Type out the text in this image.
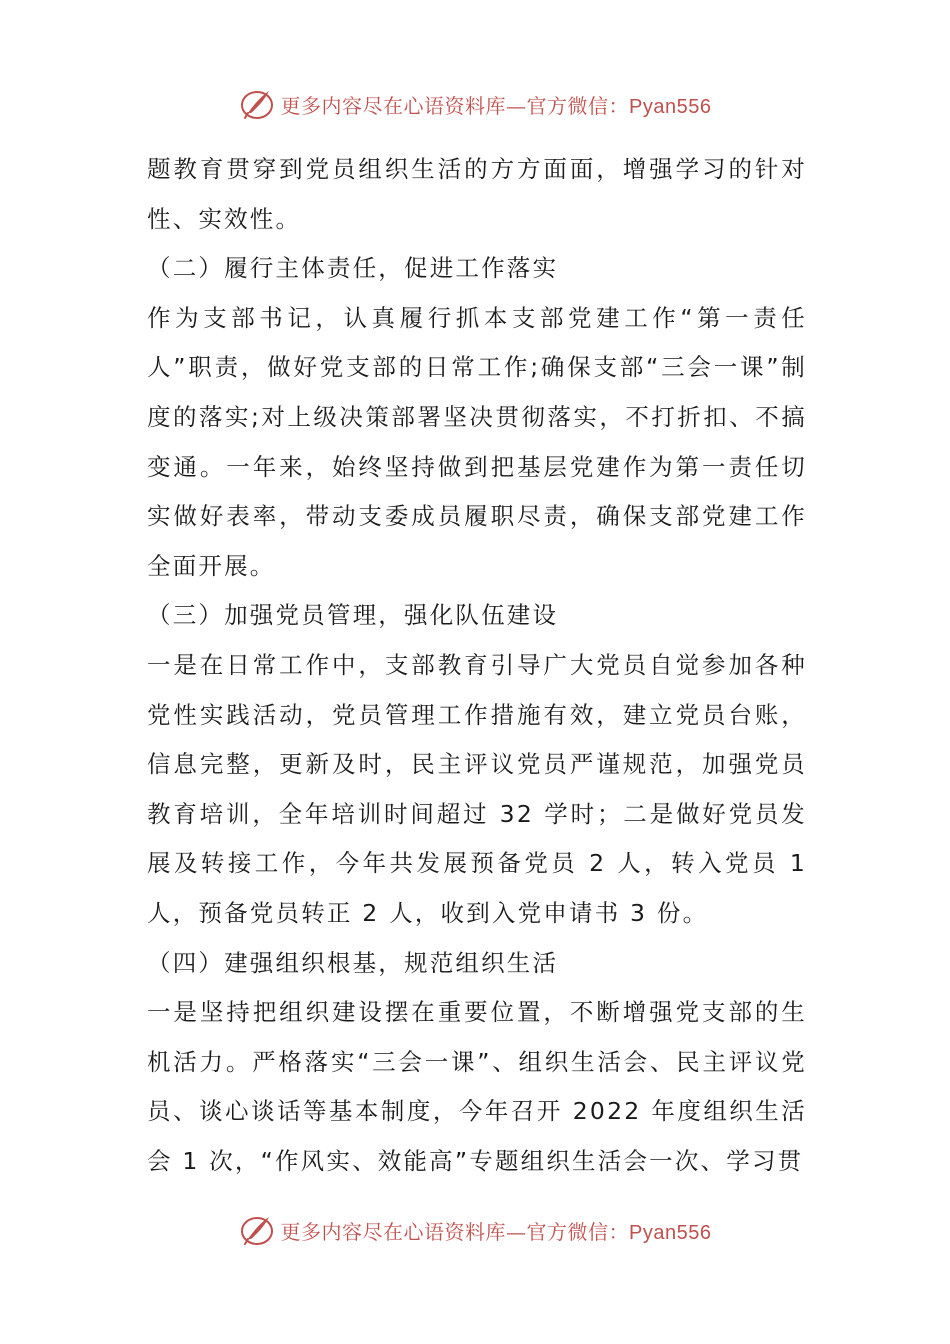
更多内容尽在心语资料库—官方微信：Pyan556

题教育贯穿到党员组织生活的方方面面，增强学习的针对性、实效性。

（二）履行主体责任，促进工作落实

作为支部书记，认真履行抓本支部党建工作“第一责任人”职责，做好党支部的日常工作;确保支部“三会一课”制度的落实;对上级决策部署坚决贯彻落实，不打折扣、不搞变通。一年来，始终坚持做到把基层党建作为第一责任切实做好表率，带动支委成员履职尽责，确保支部党建工作全面开展。

（三）加强党员管理，强化队伍建设

一是在日常工作中，支部教育引导广大党员自觉参加各种党性实践活动，党员管理工作措施有效，建立党员台账，信息完整，更新及时，民主评议党员严谨规范，加强党员教育培训，全年培训时间超过 32 学时；二是做好党员发展及转接工作，今年共发展预备党员 2 人，转入党员 1 人，预备党员转正 2 人，收到入党申请书 3 份。

（四）建强组织根基，规范组织生活

一是坚持把组织建设摆在重要位置，不断增强党支部的生机活力。严格落实“三会一课”、组织生活会、民主评议党员、谈心谈话等基本制度，今年召开 2022 年度组织生活会 1 次，“作风实、效能高”专题组织生活会一次、学习贯

更多内容尽在心语资料库—官方微信：Pyan556
